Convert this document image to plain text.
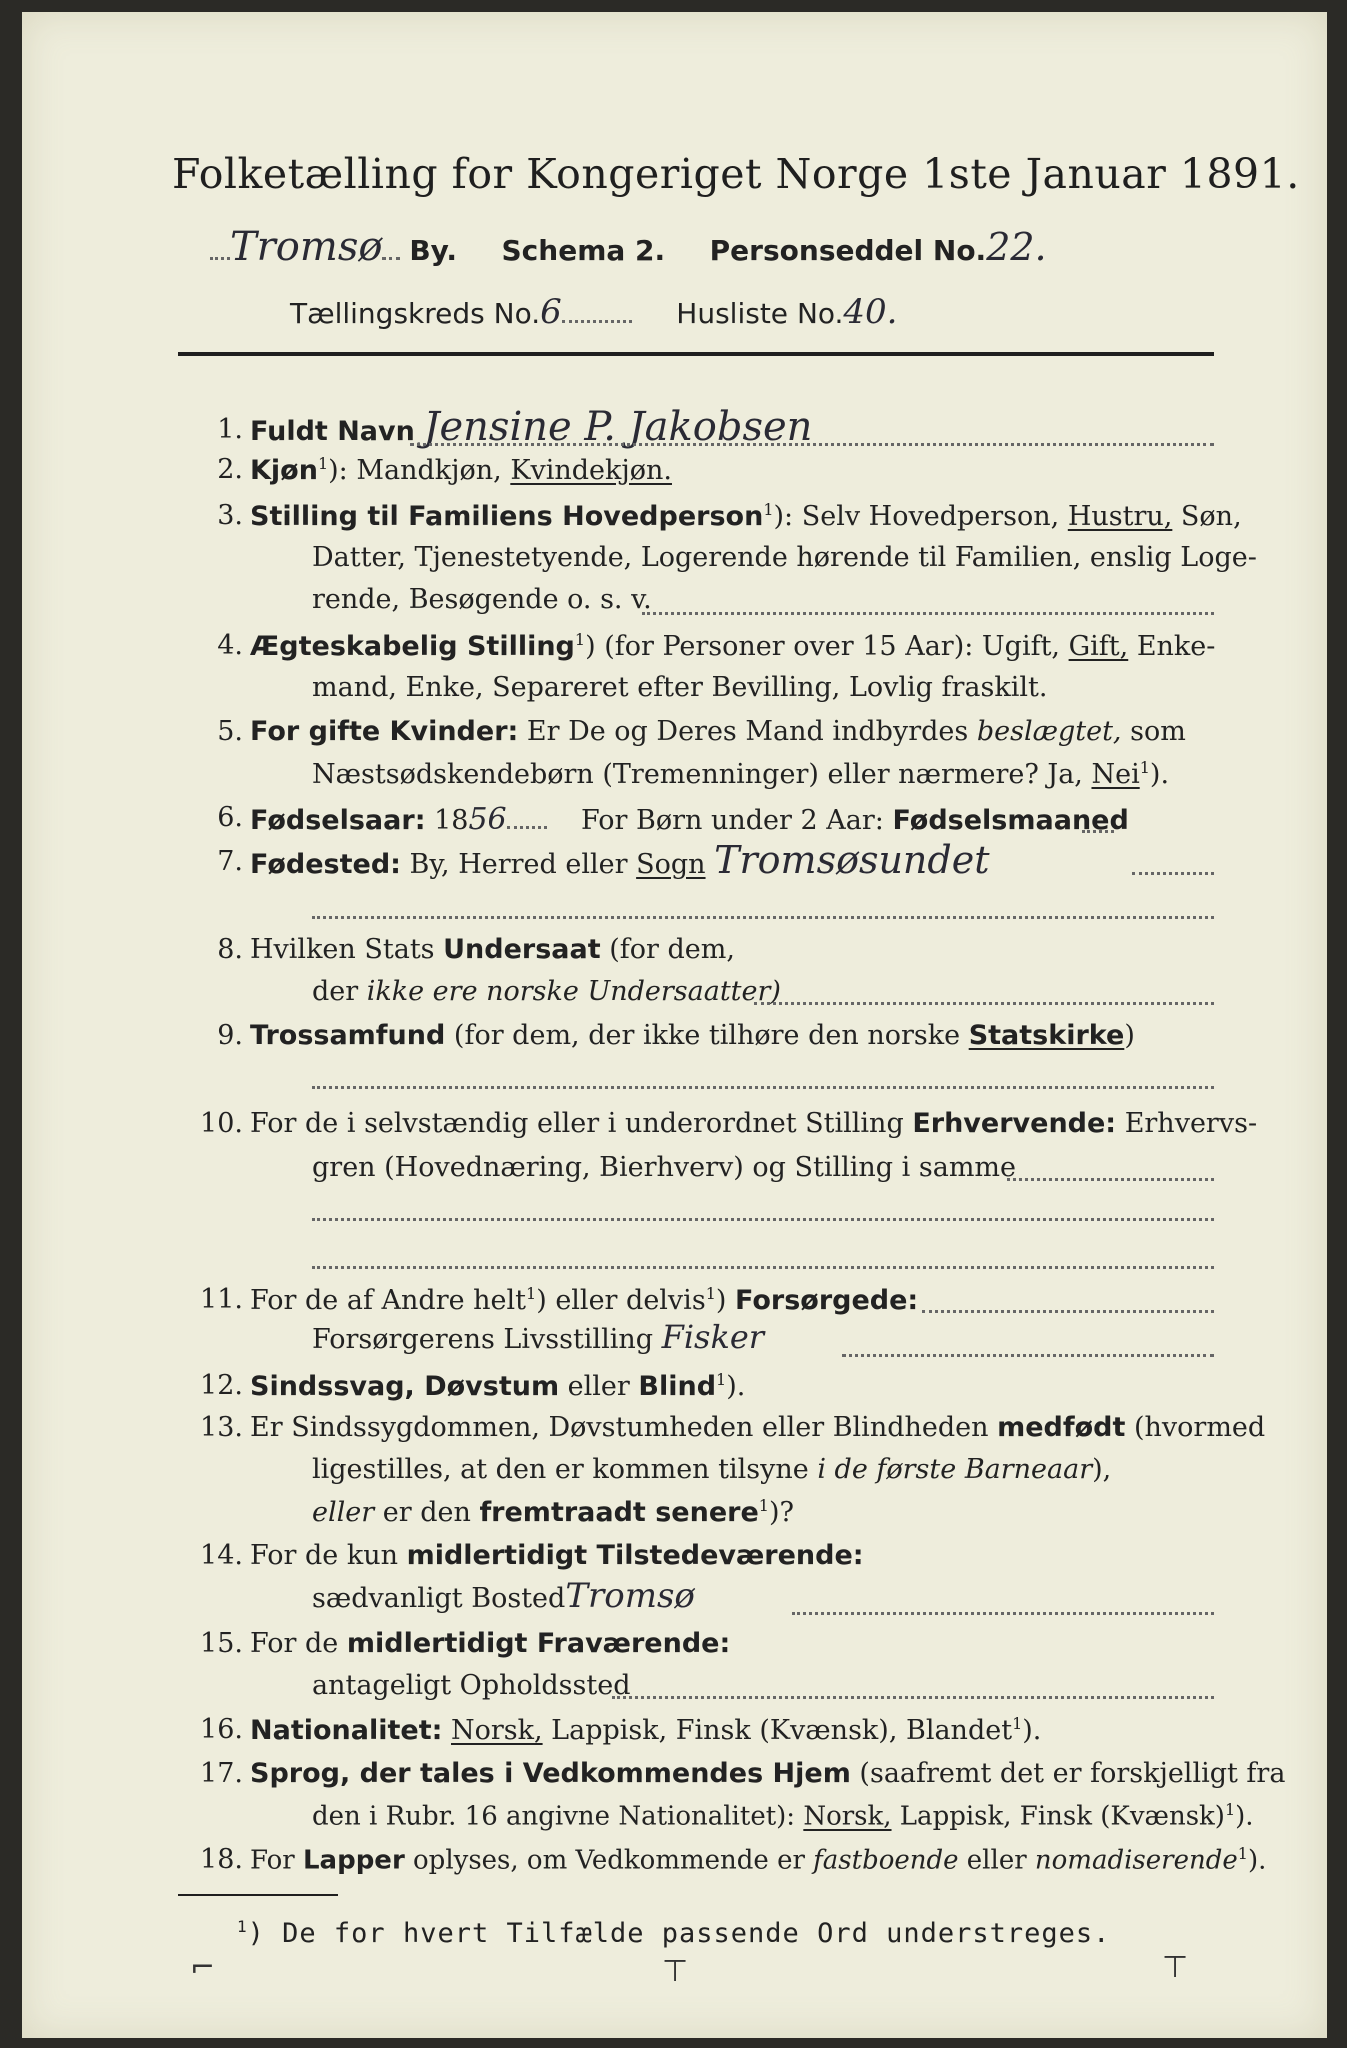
Folketælling for Kongeriget Norge 1ste Januar 1891.
Tromsø By. Schema 2. Personseddel No.22.
Tællingskreds No.6	Husliste No.40.
1. Fuldt Navn Jensine P. Jakobsen
2. Kjøn$^1$): Mandkjøn, Kvindekjøn.
3. Stilling til Familiens Hovedperson$^1$): Selv Hovedperson, Hustru, Søn,
Datter, Tjenestetyende, Logerende hørende til Familien, enslig Loge-
rende, Besøgende o. s. v.
4. Ægteskabelig Stilling$^1$) (for Personer over 15 Aar): Ugift, Gift, Enke-
mand, Enke, Separeret efter Bevilling, Lovlig fraskilt.
5. For gifte Kvinder: Er De og Deres Mand indbyrdes beslægtet, som
Næstsødskendebørn (Tremenninger) eller nærmere? Ja, Nei$^1$).
6. Fødselsaar: 1856	For Børn under 2 Aar: Fødselsmaaned
7. Fødested: By, Herred eller Sogn Tromsøsundet
8. Hvilken Stats Undersaat (for dem,
der ikke ere norske Undersaatter)
9. Trossamfund (for dem, der ikke tilhøre den norske Statskirke)
10. For de i selvstændig eller i underordnet Stilling Erhvervende: Erhvervs-
gren (Hovednæring, Bierhverv) og Stilling i samme
11. For de af Andre helt$^1$) eller delvis$^1$) Forsørgede:
Forsørgerens Livsstilling Fisker
12. Sindssvag, Døvstum eller Blind$^1$).
13. Er Sindssygdommen, Døvstumheden eller Blindheden medfødt (hvormed
ligestilles, at den er kommen tilsyne i de første Barneaar),
eller er den fremtraadt senere$^1$)?
14. For de kun midlertidigt Tilstedeværende:
sædvanligt BostedTromsø
15. For de midlertidigt Fraværende:
antageligt Opholdssted
16. Nationalitet: Norsk, Lappisk, Finsk (Kvænsk), Blandet$^1$).
17. Sprog, der tales i Vedkommendes Hjem (saafremt det er forskjelligt fra
den i Rubr. 16 angivne Nationalitet): Norsk, Lappisk, Finsk (Kvænsk)$^1$).
18. For Lapper oplyses, om Vedkommende er fastboende eller nomadiserende$^1$).
$^1$) De for hvert Tilfælde passende Ord understreges.
⌐	⊤	⊤
